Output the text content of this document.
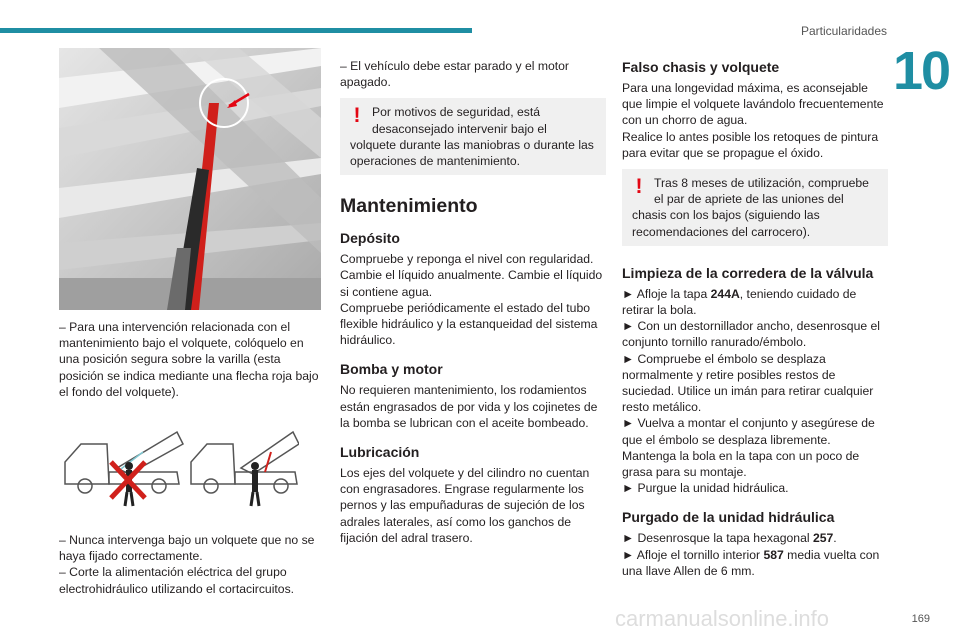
Particularidades
10

– Para una intervención relacionada con el mantenimiento bajo el volquete, colóquelo en una posición segura sobre la varilla (esta posición se indica mediante una flecha roja bajo el fondo del volquete).

– Nunca intervenga bajo un volquete que no se haya fijado correctamente.

– Corte la alimentación eléctrica del grupo electrohidráulico utilizando el cortacircuitos.

– El vehículo debe estar parado y el motor apagado.

! Por motivos de seguridad, está desaconsejado intervenir bajo el

volquete durante las maniobras o durante las operaciones de mantenimiento.

Mantenimiento
Depósito

Compruebe y reponga el nivel con regularidad. Cambie el líquido anualmente. Cambie el líquido si contiene agua.

Compruebe periódicamente el estado del tubo flexible hidráulico y la estanqueidad del sistema hidráulico.

Bomba y motor

No requieren mantenimiento, los rodamientos están engrasados de por vida y los cojinetes de la bomba se lubrican con el aceite bombeado.

Lubricación

Los ejes del volquete y del cilindro no cuentan con engrasadores. Engrase regularmente los pernos y las empuñaduras de sujeción de los adrales laterales, así como los ganchos de fijación del adral trasero.

Falso chasis y volquete

Para una longevidad máxima, es aconsejable que limpie el volquete lavándolo frecuentemente con un chorro de agua.

Realice lo antes posible los retoques de pintura para evitar que se propague el óxido.

! Tras 8 meses de utilización, compruebe el par de apriete de las uniones del

chasis con los bajos (siguiendo las recomendaciones del carrocero).

Limpieza de la corredera de la válvula

► Afloje la tapa 244A, teniendo cuidado de retirar la bola.

► Con un destornillador ancho, desenrosque el conjunto tornillo ranurado/émbolo.

► Compruebe el émbolo se desplaza normalmente y retire posibles restos de suciedad. Utilice un imán para retirar cualquier resto metálico.

► Vuelva a montar el conjunto y asegúrese de que el émbolo se desplaza libremente.

Mantenga la bola en la tapa con un poco de grasa para su montaje.

► Purgue la unidad hidráulica.

Purgado de la unidad hidráulica

► Desenrosque la tapa hexagonal 257.

► Afloje el tornillo interior 587 media vuelta con una llave Allen de 6 mm.

169
carmanualsonline.info
